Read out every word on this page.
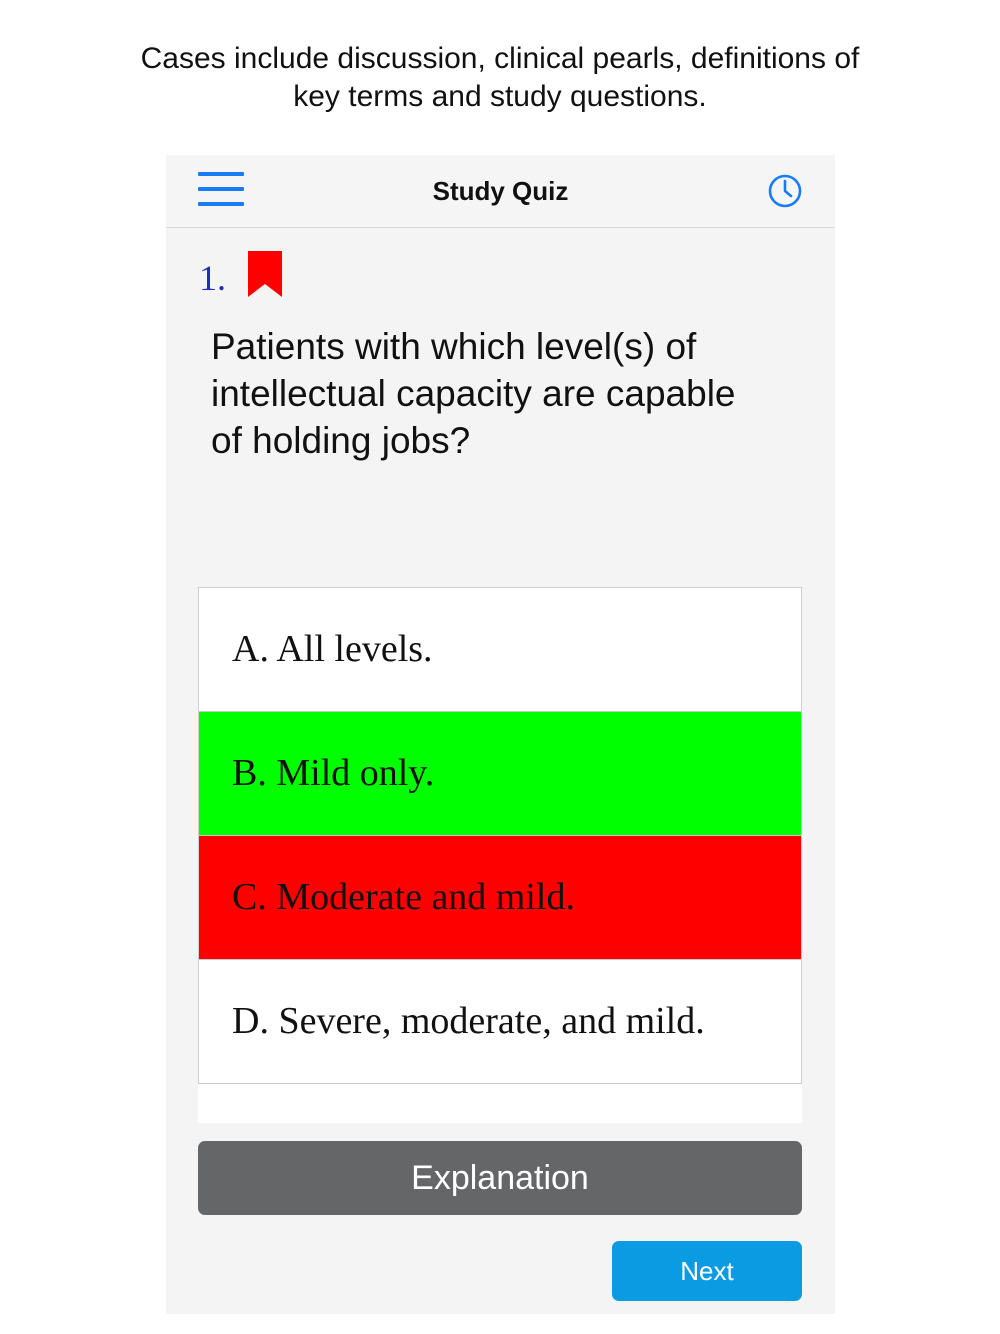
Cases include discussion, clinical pearls, definitions of
key terms and study questions.
Study Quiz
1.
Patients with which level(s) of
intellectual capacity are capable
of holding jobs?
A. All levels.
B. Mild only.
C. Moderate and mild.
D. Severe, moderate, and mild.
Explanation
Next
